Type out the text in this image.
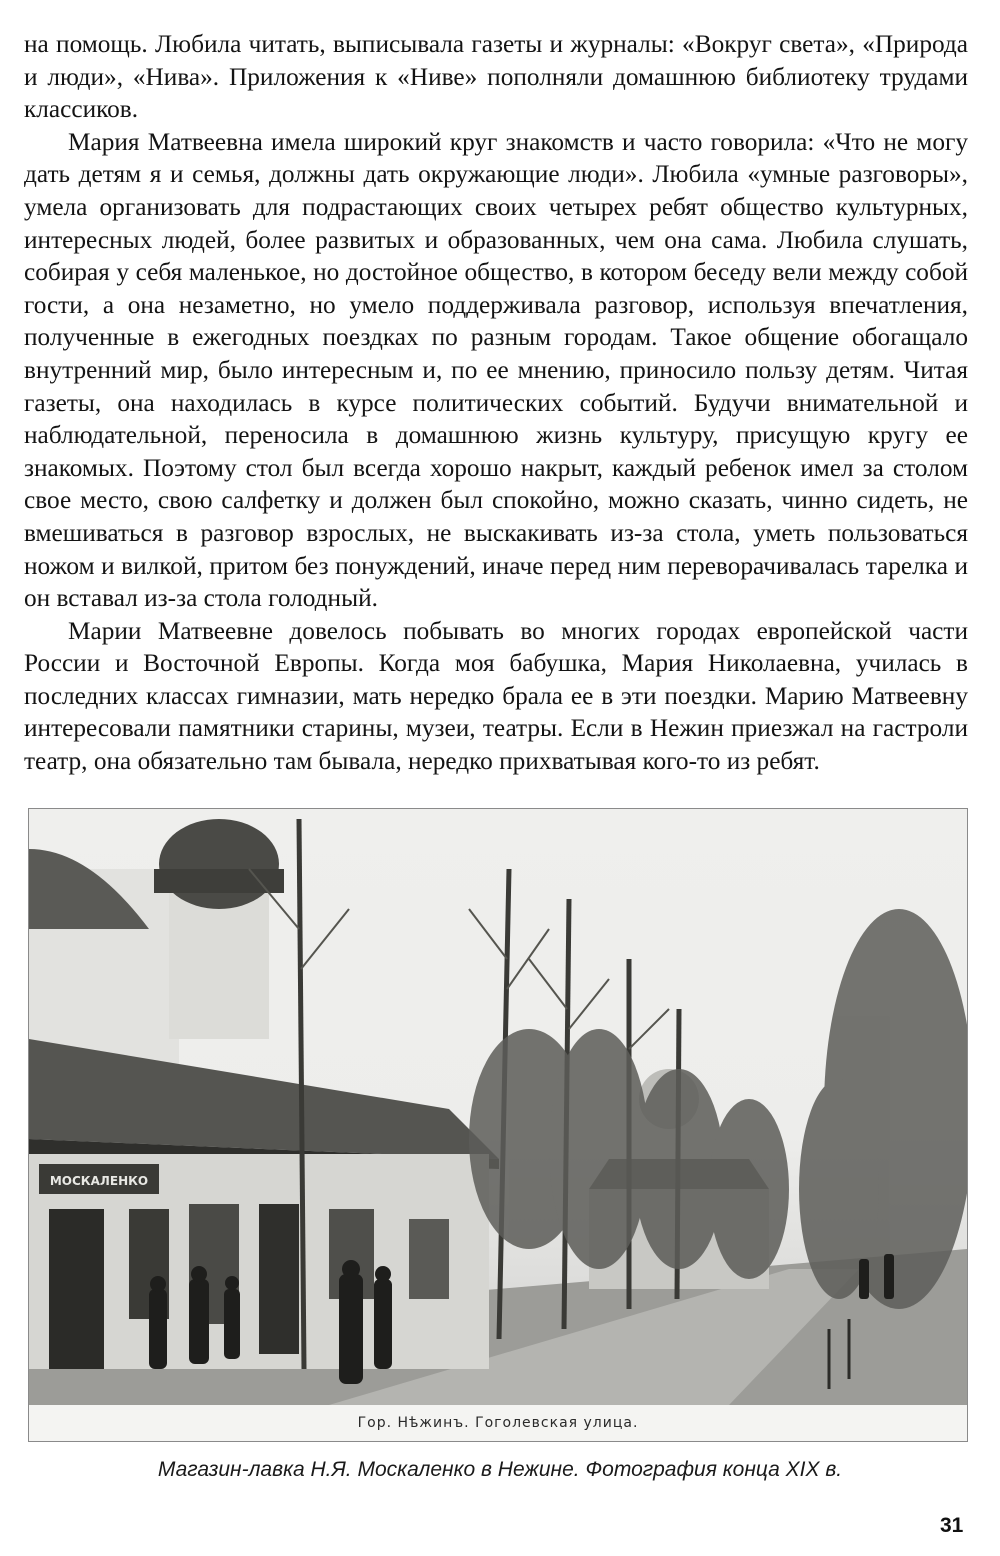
на помощь. Любила читать, выписывала газеты и журналы: «Вокруг света», «Природа и люди», «Нива». Приложения к «Ниве» пополняли домашнюю библиотеку трудами классиков.

Мария Матвеевна имела широкий круг знакомств и часто говорила: «Что не могу дать детям я и семья, должны дать окружающие люди». Любила «умные разговоры», умела организовать для подрастающих своих четырех ребят общество культурных, интересных людей, более развитых и образованных, чем она сама. Любила слушать, собирая у себя маленькое, но достойное общество, в котором беседу вели между собой гости, а она незаметно, но умело поддерживала разговор, используя впечатления, полученные в ежегодных поездках по разным городам. Такое общение обогащало внутренний мир, было интересным и, по ее мнению, приносило пользу детям. Читая газеты, она находилась в курсе политических событий. Будучи внимательной и наблюдательной, переносила в домашнюю жизнь культуру, присущую кругу ее знакомых. Поэтому стол был всегда хорошо накрыт, каждый ребенок имел за столом свое место, свою салфетку и должен был спокойно, можно сказать, чинно сидеть, не вмешиваться в разговор взрослых, не выскакивать из-за стола, уметь пользоваться ножом и вилкой, притом без понуждений, иначе перед ним переворачивалась тарелка и он вставал из-за стола голодный.

Марии Матвеевне довелось побывать во многих городах европейской части России и Восточной Европы. Когда моя бабушка, Мария Николаевна, училась в последних классах гимназии, мать нередко брала ее в эти поездки. Марию Матвеевну интересовали памятники старины, музеи, театры. Если в Нежин приезжал на гастроли театр, она обязательно там бывала, нередко прихватывая кого-то из ребят.

МОСКАЛЕНКО
Гор. Нѣжинъ. Гоголевская улица.
Магазин-лавка Н.Я. Москаленко в Нежине. Фотография конца XIX в.
31
